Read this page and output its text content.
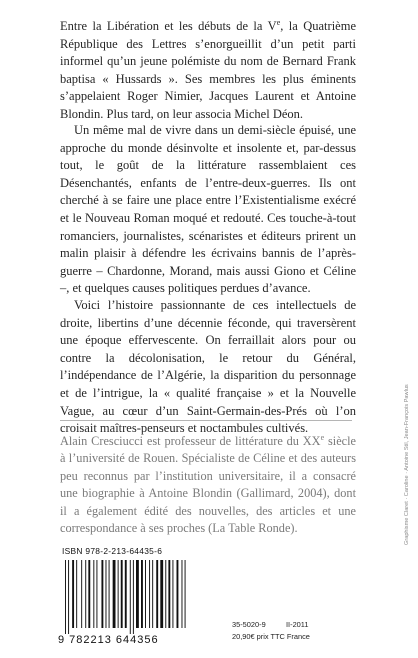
Entre la Libération et les débuts de la Ve, la Quatrième République des Lettres s’enorgueillit d’un petit parti informel qu’un jeune polémiste du nom de Bernard Frank baptisa « Hussards ». Ses membres les plus éminents s’appelaient Roger Nimier, Jacques Laurent et Antoine Blondin. Plus tard, on leur associa Michel Déon.

Un même mal de vivre dans un demi-siècle épuisé, une approche du monde désinvolte et insolente et, par-dessus tout, le goût de la littérature rassemblaient ces Désenchantés, enfants de l’entre-deux-guerres. Ils ont cherché à se faire une place entre l’Existentialisme exécré et le Nouveau Roman moqué et redouté. Ces touche-à-tout romanciers, journalistes, scénaristes et éditeurs prirent un malin plaisir à défendre les écrivains bannis de l’après-guerre – Chardonne, Morand, mais aussi Giono et Céline –, et quelques causes politiques perdues d’avance.

Voici l’histoire passionnante de ces intellectuels de droite, libertins d’une décennie féconde, qui traversèrent une époque effervescente. On ferraillait alors pour ou contre la décolonisation, le retour du Général, l’indépendance de l’Algérie, la disparition du personnage et de l’intrigue, la « qualité française » et la Nouvelle Vague, au cœur d’un Saint-Germain-des-Prés où l’on croisait maîtres-penseurs et noctambules cultivés.

Alain Cresciucci est professeur de littérature du XXe siècle à l’université de Rouen. Spécialiste de Céline et des auteurs peu reconnus par l’institution universitaire, il a consacré une biographie à Antoine Blondin (Gallimard, 2004), dont il a également édité des nouvelles, des articles et une correspondance à ses proches (La Table Ronde).

ISBN 978-2-213-64435-6
9 782213 644356
35-5020-9	II-2011
20,90€ prix TTC France
Graphisme Claret · Caroline · Antoine Stil, Jean-François Pawlus
